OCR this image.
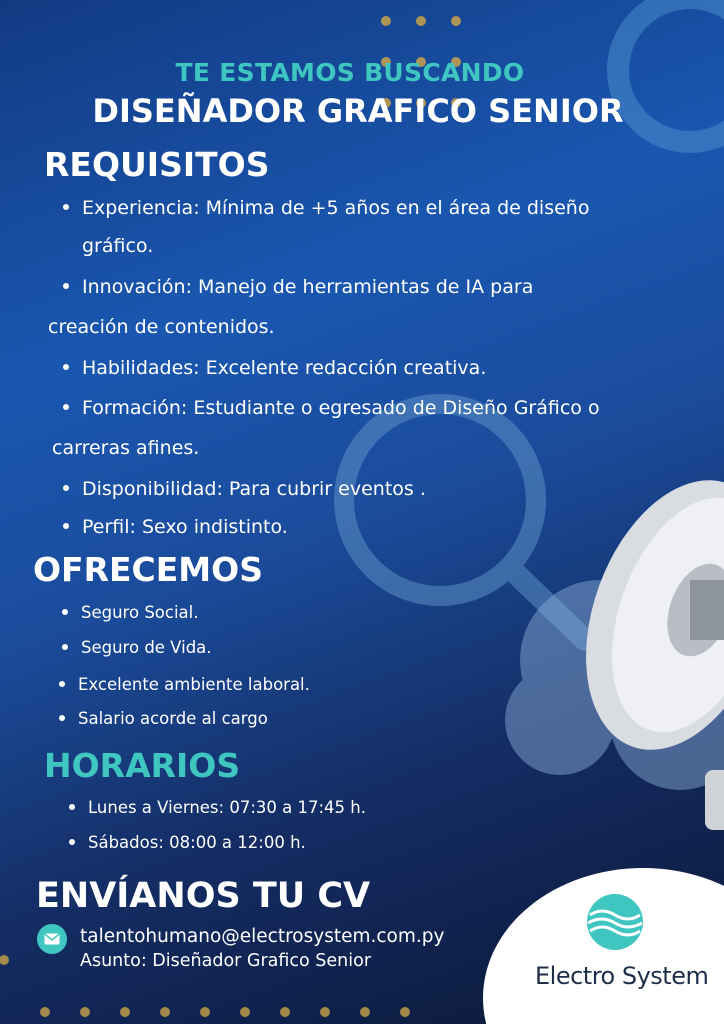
TE ESTAMOS BUSCANDO
DISEÑADOR GRAFICO SENIOR
REQUISITOS
Experiencia: Mínima de +5 años en el área de diseño
gráfico.
Innovación: Manejo de herramientas de IA para
creación de contenidos.
Habilidades: Excelente redacción creativa.
Formación: Estudiante o egresado de Diseño Gráfico o
carreras afines.
Disponibilidad: Para cubrir eventos .
Perfil: Sexo indistinto.
OFRECEMOS
Seguro Social.
Seguro de Vida.
Excelente ambiente laboral.
Salario acorde al cargo
HORARIOS
Lunes a Viernes: 07:30 a 17:45 h.
Sábados: 08:00 a 12:00 h.
ENVÍANOS TU CV
talentohumano@electrosystem.com.py
Asunto: Diseñador Grafico Senior
Electro System
